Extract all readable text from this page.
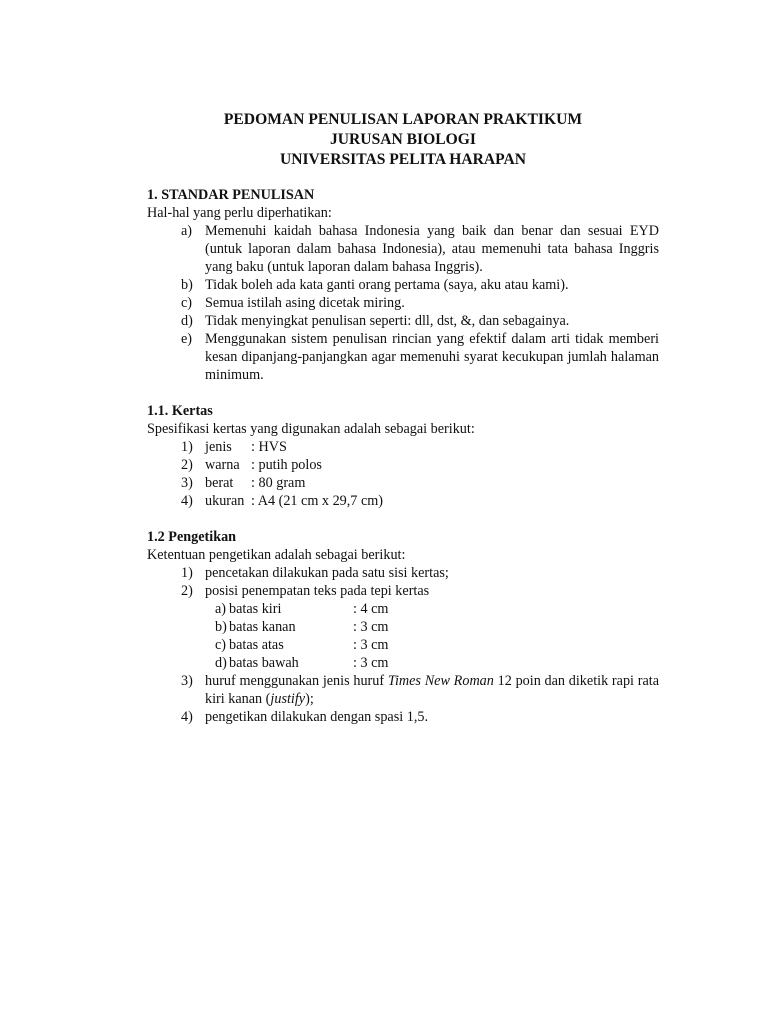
PEDOMAN PENULISAN LAPORAN PRAKTIKUM
JURUSAN BIOLOGI
UNIVERSITAS PELITA HARAPAN
1. STANDAR PENULISAN

Hal-hal yang perlu diperhatikan:

a) Memenuhi kaidah bahasa Indonesia yang baik dan benar dan sesuai EYD (untuk laporan dalam bahasa Indonesia), atau memenuhi tata bahasa Inggris yang baku (untuk laporan dalam bahasa Inggris).
b) Tidak boleh ada kata ganti orang pertama (saya, aku atau kami).
c) Semua istilah asing dicetak miring.
d) Tidak menyingkat penulisan seperti: dll, dst, &, dan sebagainya.
e) Menggunakan sistem penulisan rincian yang efektif dalam arti tidak memberi kesan dipanjang-panjangkan agar memenuhi syarat kecukupan jumlah halaman minimum.
1.1. Kertas

Spesifikasi kertas yang digunakan adalah sebagai berikut:

1) jenis : HVS
2) warna : putih polos
3) berat : 80 gram
4) ukuran : A4 (21 cm x 29,7 cm)
1.2 Pengetikan

Ketentuan pengetikan adalah sebagai berikut:

1) pencetakan dilakukan pada satu sisi kertas;
2) posisi penempatan teks pada tepi kertas
a) batas kiri	: 4 cm
b) batas kanan	: 3 cm
c) batas atas	: 3 cm
d) batas bawah	: 3 cm
3) huruf menggunakan jenis huruf Times New Roman 12 poin dan diketik rapi rata kiri kanan (justify);
4) pengetikan dilakukan dengan spasi 1,5.
